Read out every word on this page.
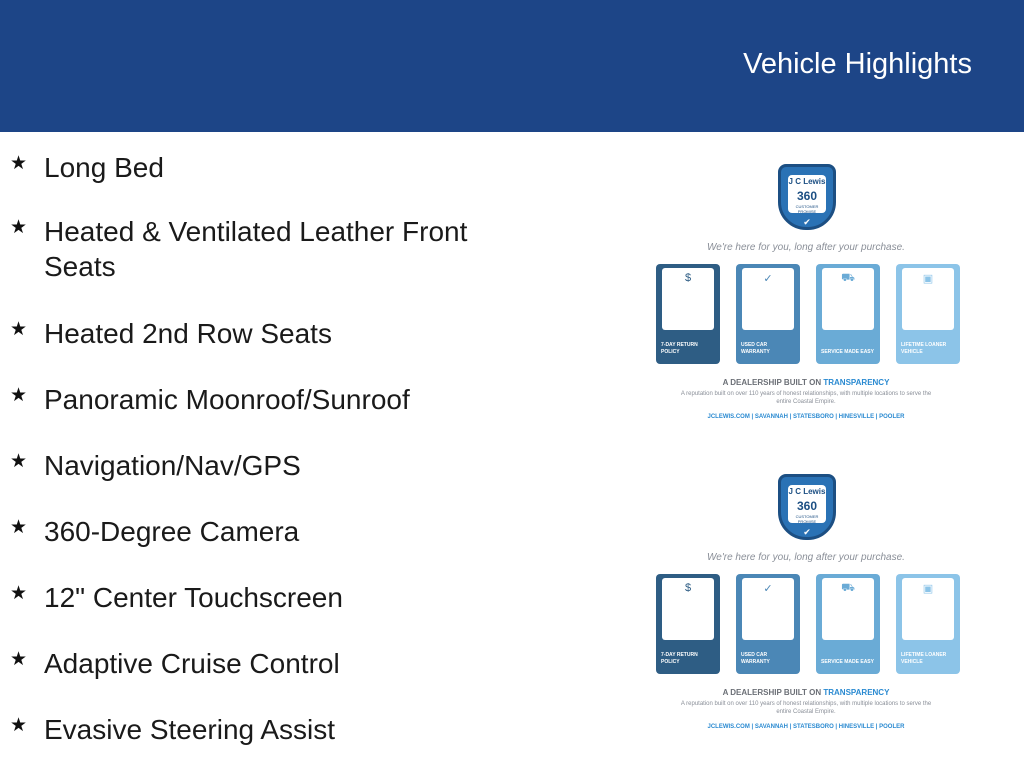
Vehicle Highlights
★ Long Bed
★ Heated & Ventilated Leather Front Seats
★ Heated 2nd Row Seats
★ Panoramic Moonroof/Sunroof
★ Navigation/Nav/GPS
★ 360-Degree Camera
★ 12" Center Touchscreen
★ Adaptive Cruise Control
★ Evasive Steering Assist
J C Lewis
360
CUSTOMER PROMISE
✔
We're here for you, long after your purchase.
$
7-DAY RETURN POLICY
✓
USED CAR WARRANTY
⛟
SERVICE MADE EASY
▣
LIFETIME LOANER VEHICLE
A DEALERSHIP BUILT ON TRANSPARENCY
A reputation built on over 110 years of honest relationships, with multiple locations to serve the entire Coastal Empire.
JCLEWIS.COM | SAVANNAH | STATESBORO | HINESVILLE | POOLER
J C Lewis
360
CUSTOMER PROMISE
✔
We're here for you, long after your purchase.
$
7-DAY RETURN POLICY
✓
USED CAR WARRANTY
⛟
SERVICE MADE EASY
▣
LIFETIME LOANER VEHICLE
A DEALERSHIP BUILT ON TRANSPARENCY
A reputation built on over 110 years of honest relationships, with multiple locations to serve the entire Coastal Empire.
JCLEWIS.COM | SAVANNAH | STATESBORO | HINESVILLE | POOLER
